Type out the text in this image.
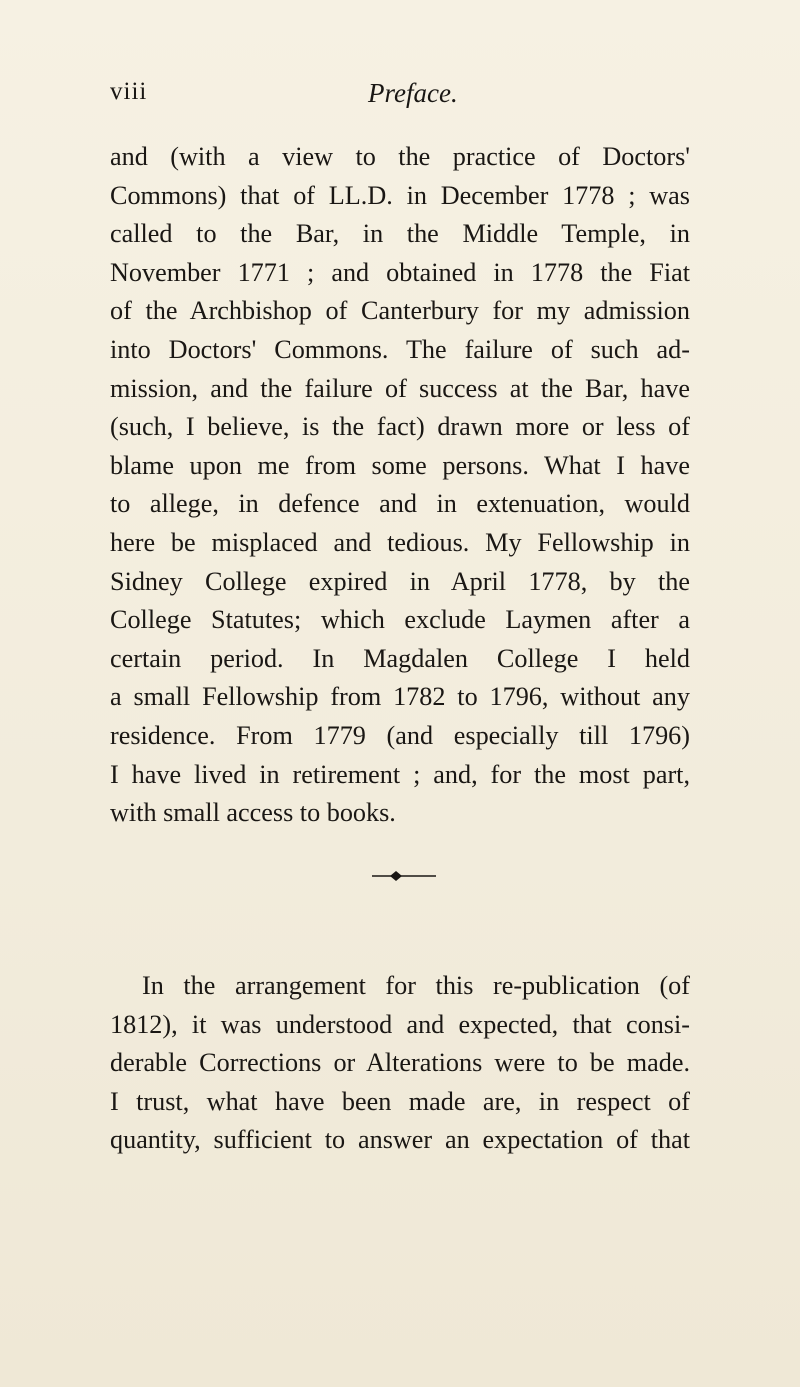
viii	Preface.
and (with a view to the practice of Doctors'
Commons) that of LL.D. in December 1778 ; was
called to the Bar, in the Middle Temple, in
November 1771 ; and obtained in 1778 the Fiat
of the Archbishop of Canterbury for my admission
into Doctors' Commons. The failure of such ad-
mission, and the failure of success at the Bar, have
(such, I believe, is the fact) drawn more or less of
blame upon me from some persons. What I have
to allege, in defence and in extenuation, would
here be misplaced and tedious. My Fellowship in
Sidney College expired in April 1778, by the
College Statutes; which exclude Laymen after a
certain period. In Magdalen College I held
a small Fellowship from 1782 to 1796, without any
residence. From 1779 (and especially till 1796)
I have lived in retirement ; and, for the most part,
with small access to books.
In the arrangement for this re-publication (of
1812), it was understood and expected, that consi-
derable Corrections or Alterations were to be made.
I trust, what have been made are, in respect of
quantity, sufficient to answer an expectation of that
